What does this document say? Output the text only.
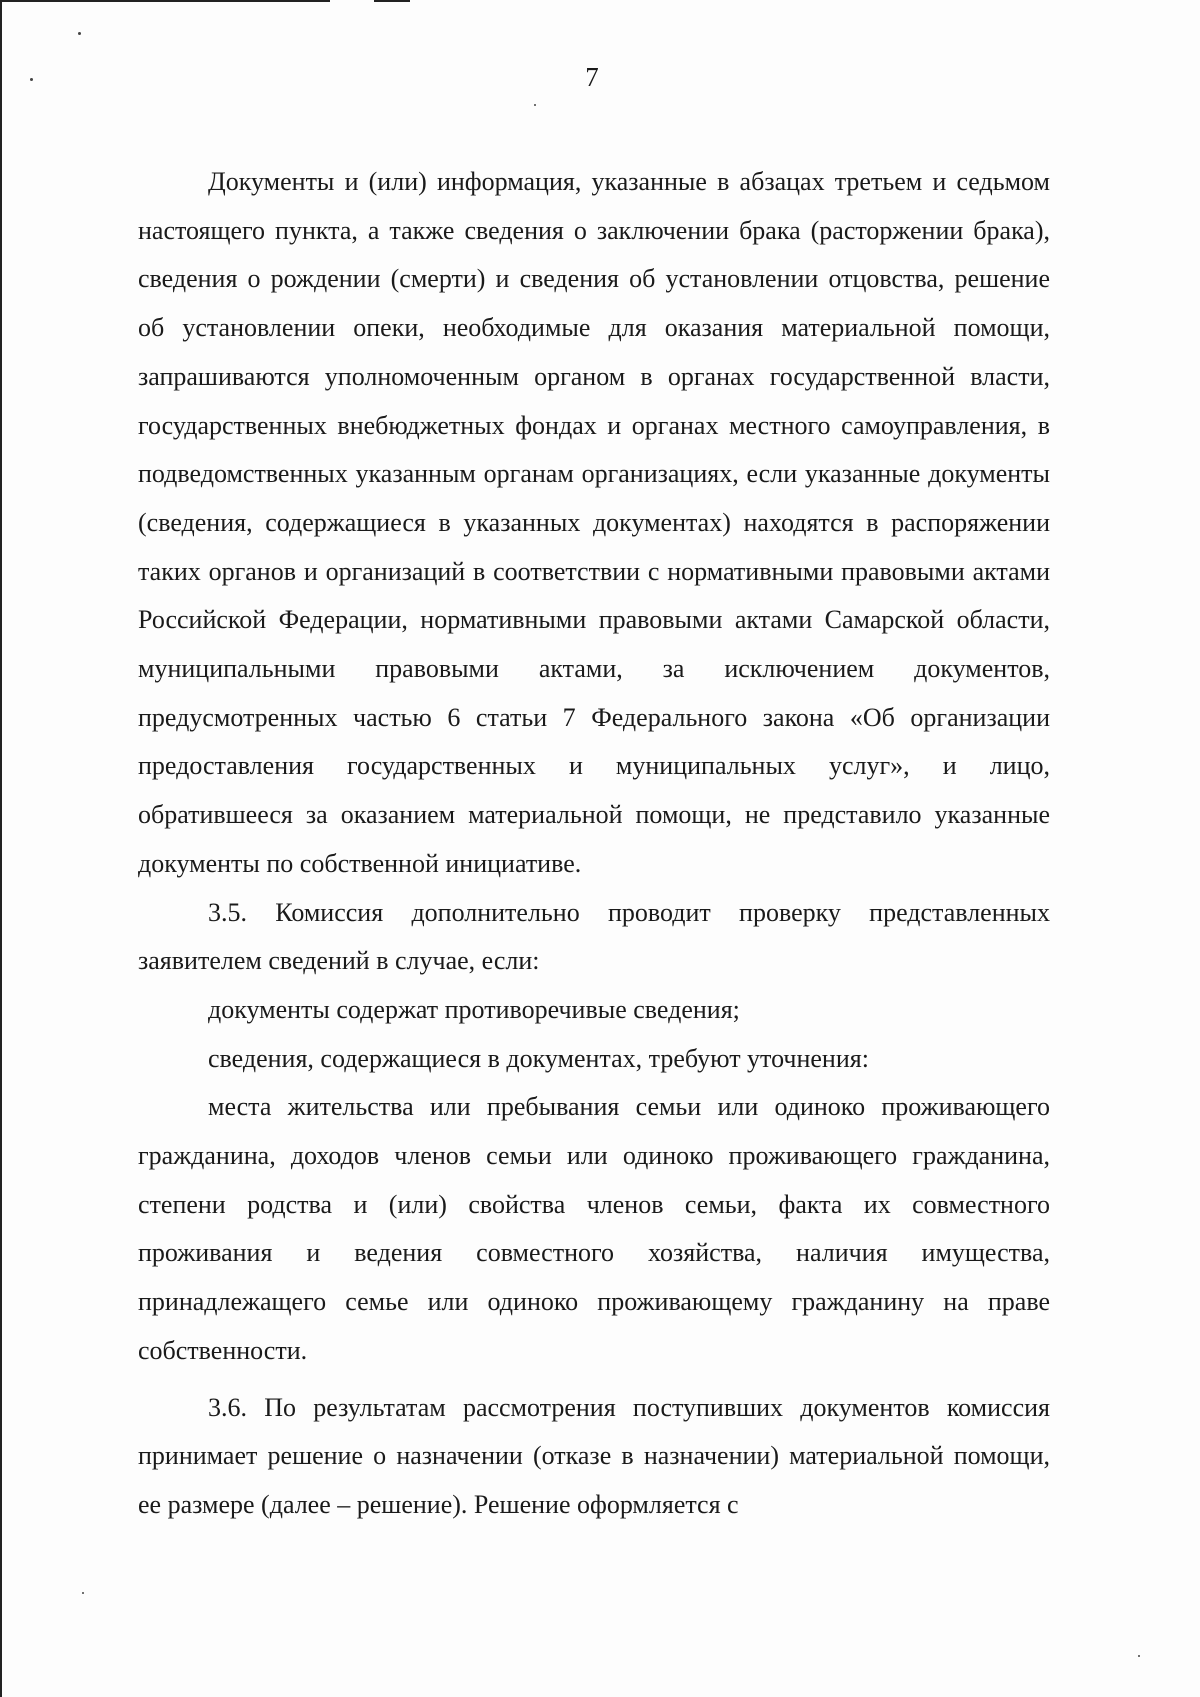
7

Документы и (или) информация, указанные в абзацах третьем и седьмом настоящего пункта, а также сведения о заключении брака (расторжении брака), сведения о рождении (смерти) и сведения об установлении отцовства, решение об установлении опеки, необходимые для оказания материальной помощи, запрашиваются уполномоченным органом в органах государственной власти, государственных внебюджетных фондах и органах местного самоуправления, в подведомственных указанным органам организациях, если указанные документы (сведения, содержащиеся в указанных документах) находятся в распоряжении таких органов и организаций в соответствии с нормативными правовыми актами Российской Федерации, нормативными правовыми актами Самарской области, муниципальными правовыми актами, за исключением документов, предусмотренных частью 6 статьи 7 Федерального закона «Об организации предоставления государственных и муниципальных услуг», и лицо, обратившееся за оказанием материальной помощи, не представило указанные документы по собственной инициативе.

3.5. Комиссия дополнительно проводит проверку представленных заявителем сведений в случае, если:

документы содержат противоречивые сведения;

сведения, содержащиеся в документах, требуют уточнения:

места жительства или пребывания семьи или одиноко проживающего гражданина, доходов членов семьи или одиноко проживающего гражданина, степени родства и (или) свойства членов семьи, факта их совместного проживания и ведения совместного хозяйства, наличия имущества, принадлежащего семье или одиноко проживающему гражданину на праве собственности.

3.6. По результатам рассмотрения поступивших документов комиссия принимает решение о назначении (отказе в назначении) материальной помощи, ее размере (далее – решение). Решение оформляется с
